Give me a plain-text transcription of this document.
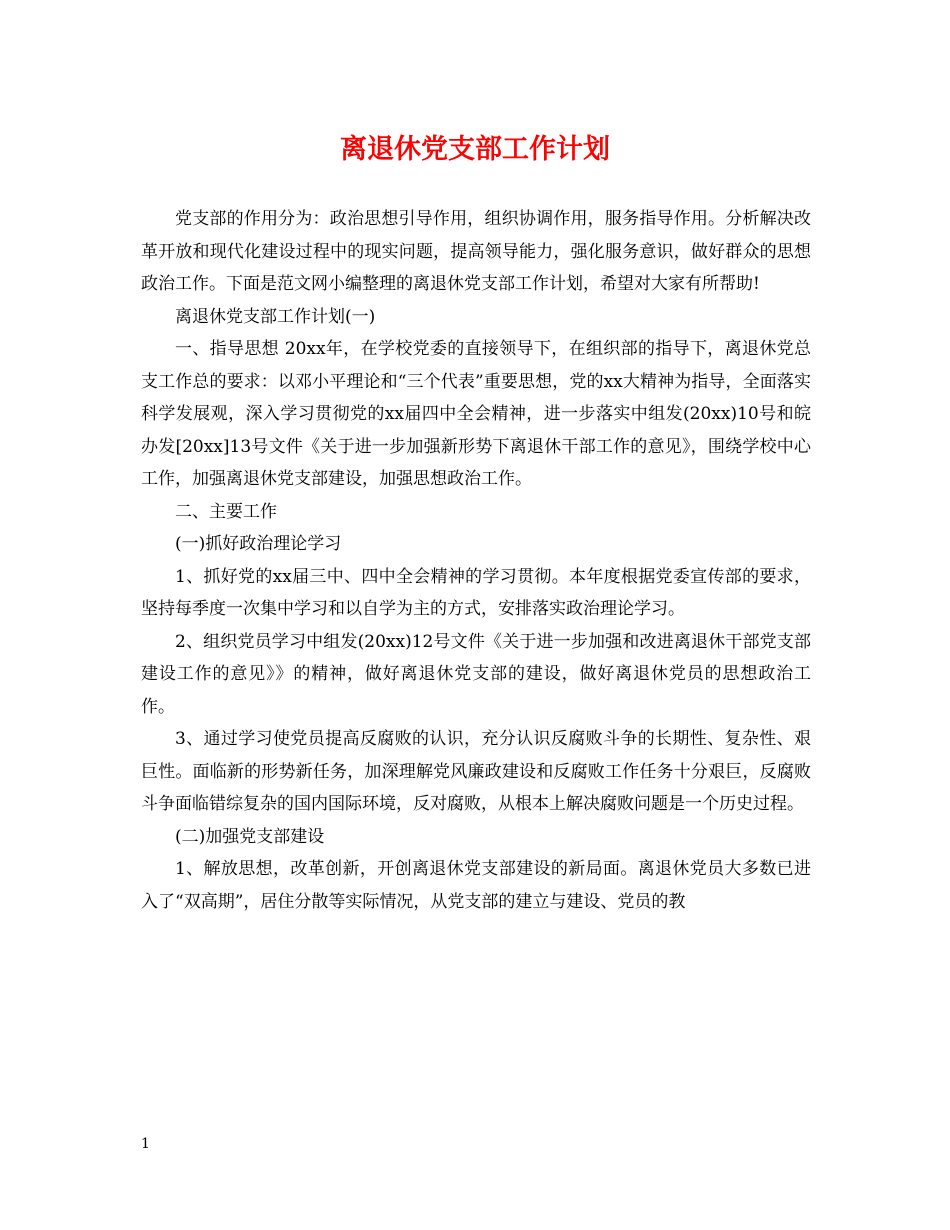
离退休党支部工作计划

党支部的作用分为：政治思想引导作用，组织协调作用，服务指导作用。分析解决改革开放和现代化建设过程中的现实问题，提高领导能力，强化服务意识，做好群众的思想政治工作。下面是范文网小编整理的离退休党支部工作计划，希望对大家有所帮助!

离退休党支部工作计划(一)

一、指导思想 20xx年，在学校党委的直接领导下，在组织部的指导下，离退休党总支工作总的要求：以邓小平理论和“三个代表”重要思想，党的xx大精神为指导，全面落实科学发展观，深入学习贯彻党的xx届四中全会精神，进一步落实中组发(20xx)10号和皖办发[20xx]13号文件《关于进一步加强新形势下离退休干部工作的意见》，围绕学校中心工作，加强离退休党支部建设，加强思想政治工作。

二、主要工作

(一)抓好政治理论学习

1、抓好党的xx届三中、四中全会精神的学习贯彻。本年度根据党委宣传部的要求，坚持每季度一次集中学习和以自学为主的方式，安排落实政治理论学习。

2、组织党员学习中组发(20xx)12号文件《关于进一步加强和改进离退休干部党支部建设工作的意见》》的精神，做好离退休党支部的建设，做好离退休党员的思想政治工作。

3、通过学习使党员提高反腐败的认识，充分认识反腐败斗争的长期性、复杂性、艰巨性。面临新的形势新任务，加深理解党风廉政建设和反腐败工作任务十分艰巨，反腐败斗争面临错综复杂的国内国际环境，反对腐败，从根本上解决腐败问题是一个历史过程。

(二)加强党支部建设

1、解放思想，改革创新，开创离退休党支部建设的新局面。离退休党员大多数已进入了“双高期”，居住分散等实际情况，从党支部的建立与建设、党员的教

1
